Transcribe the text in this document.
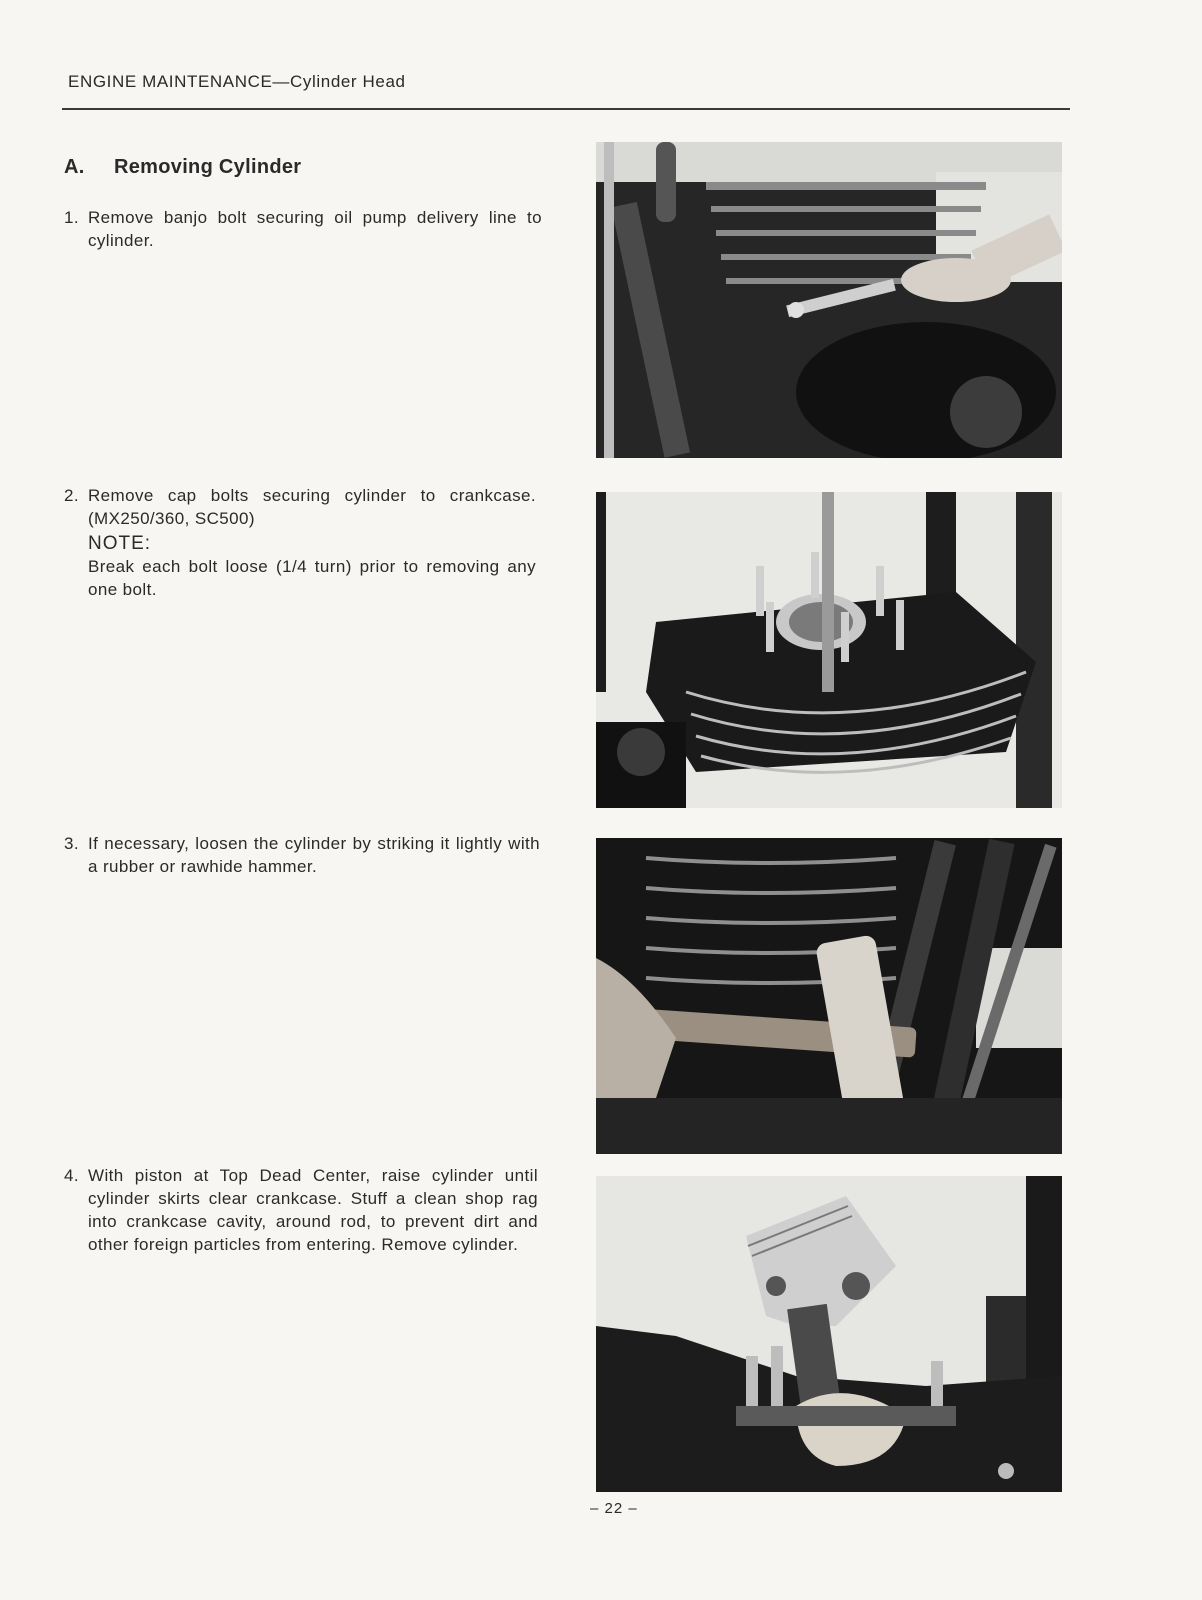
ENGINE MAINTENANCE—Cylinder Head
A. Removing Cylinder
1. Remove banjo bolt securing oil pump delivery line to cylinder.
2. Remove cap bolts securing cylinder to crankcase. (MX250/360, SC500)
NOTE:
Break each bolt loose (1/4 turn) prior to removing any one bolt.
3. If necessary, loosen the cylinder by striking it lightly with a rubber or rawhide hammer.
4. With piston at Top Dead Center, raise cylinder until cylinder skirts clear crankcase. Stuff a clean shop rag into crankcase cavity, around rod, to prevent dirt and other foreign particles from entering. Remove cylinder.
– 22 –
